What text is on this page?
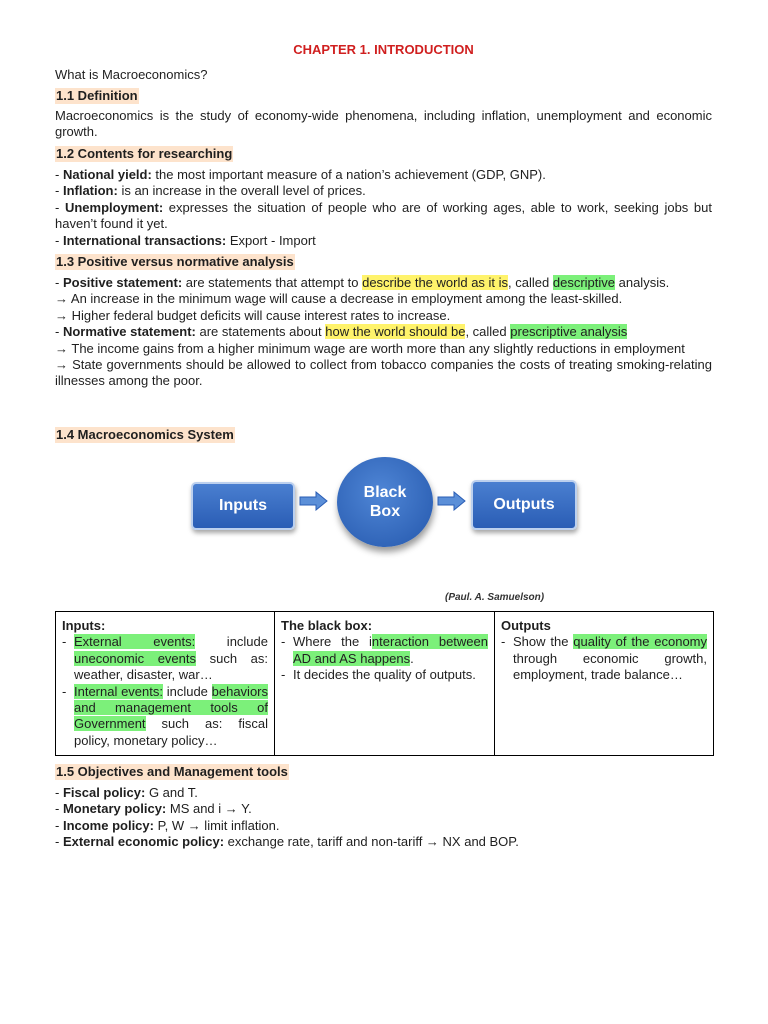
CHAPTER 1. INTRODUCTION
What is Macroeconomics?
1.1 Definition
Macroeconomics is the study of economy-wide phenomena, including inflation, unemployment and economic growth.
1.2 Contents for researching
- National yield: the most important measure of a nation’s achievement (GDP, GNP).
- Inflation: is an increase in the overall level of prices.
- Unemployment: expresses the situation of people who are of working ages, able to work, seeking jobs but haven’t found it yet.
- International transactions: Export - Import
1.3 Positive versus normative analysis
- Positive statement: are statements that attempt to describe the world as it is, called descriptive analysis.
→ An increase in the minimum wage will cause a decrease in employment among the least-skilled.
→ Higher federal budget deficits will cause interest rates to increase.
- Normative statement: are statements about how the world should be, called prescriptive analysis
→ The income gains from a higher minimum wage are worth more than any slightly reductions in employment
→ State governments should be allowed to collect from tobacco companies the costs of treating smoking-relating illnesses among the poor.
1.4 Macroeconomics System
Inputs
Black
Box	Outputs
(Paul. A. Samuelson)
Inputs:
- External events: include uneconomic events such as: weather, disaster, war…
- Internal events: include behaviors and management tools of Government such as: fiscal policy, monetary policy…

The black box:
- Where the interaction between AD and AS happens.
- It decides the quality of outputs.

Outputs
- Show the quality of the economy through economic growth, employment, trade balance…
1.5 Objectives and Management tools
- Fiscal policy: G and T.
- Monetary policy: MS and i → Y.
- Income policy: P, W → limit inflation.
- External economic policy: exchange rate, tariff and non-tariff → NX and BOP.
